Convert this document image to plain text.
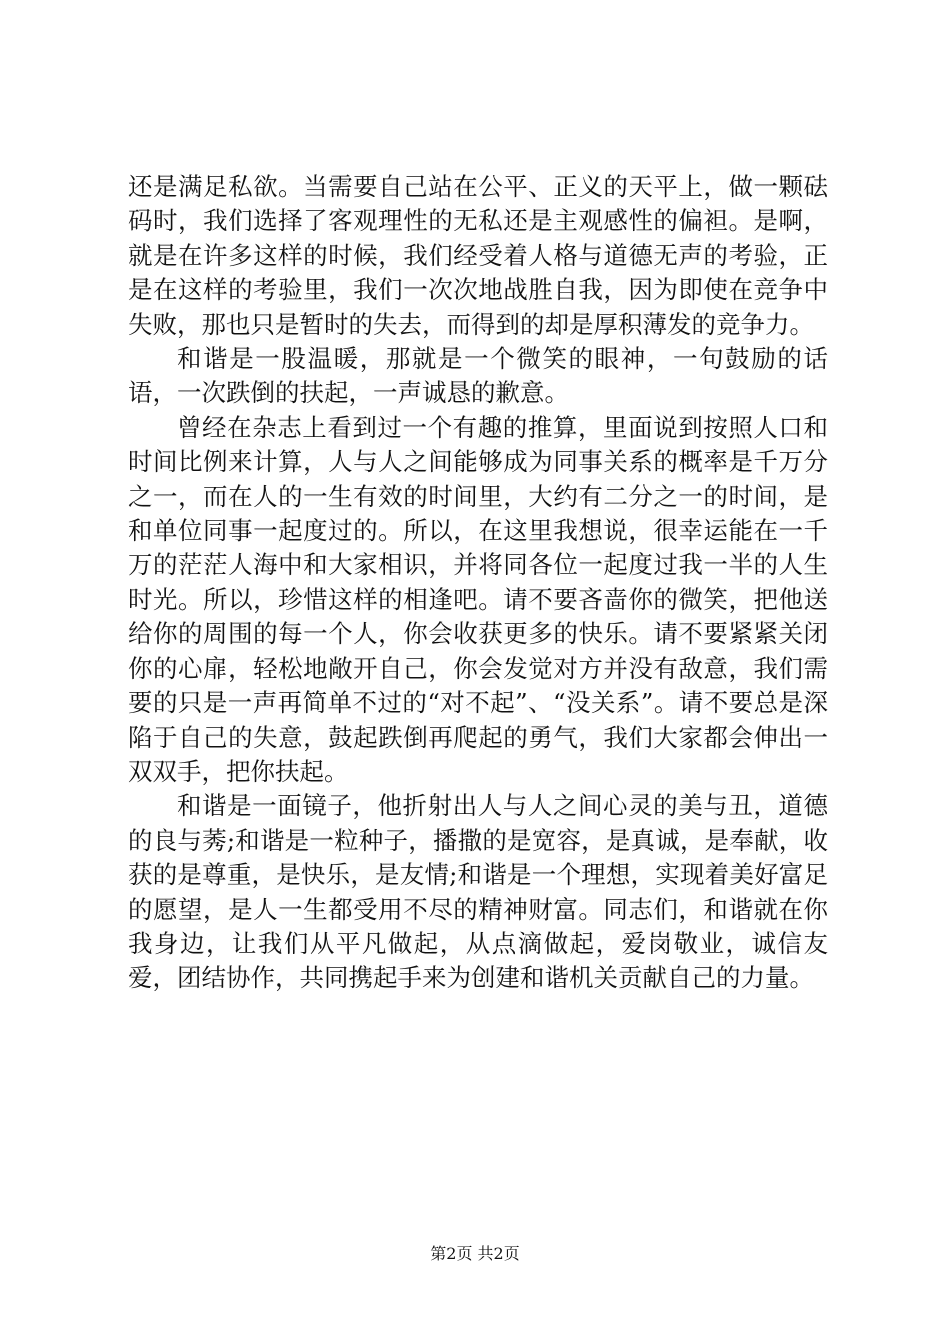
还是满足私欲。当需要自己站在公平、正义的天平上，做一颗砝码时，我们选择了客观理性的无私还是主观感性的偏袒。是啊，就是在许多这样的时候，我们经受着人格与道德无声的考验，正是在这样的考验里，我们一次次地战胜自我，因为即使在竞争中失败，那也只是暂时的失去，而得到的却是厚积薄发的竞争力。

和谐是一股温暖，那就是一个微笑的眼神，一句鼓励的话语，一次跌倒的扶起，一声诚恳的歉意。

曾经在杂志上看到过一个有趣的推算，里面说到按照人口和时间比例来计算，人与人之间能够成为同事关系的概率是千万分之一，而在人的一生有效的时间里，大约有二分之一的时间，是和单位同事一起度过的。所以，在这里我想说，很幸运能在一千万的茫茫人海中和大家相识，并将同各位一起度过我一半的人生时光。所以，珍惜这样的相逢吧。请不要吝啬你的微笑，把他送给你的周围的每一个人，你会收获更多的快乐。请不要紧紧关闭你的心扉，轻松地敞开自己，你会发觉对方并没有敌意，我们需要的只是一声再简单不过的“对不起”、“没关系”。请不要总是深陷于自己的失意，鼓起跌倒再爬起的勇气，我们大家都会伸出一双双手，把你扶起。

和谐是一面镜子，他折射出人与人之间心灵的美与丑，道德的良与莠;和谐是一粒种子，播撒的是宽容，是真诚，是奉献，收获的是尊重，是快乐，是友情;和谐是一个理想，实现着美好富足的愿望，是人一生都受用不尽的精神财富。同志们，和谐就在你我身边，让我们从平凡做起，从点滴做起，爱岗敬业，诚信友爱，团结协作，共同携起手来为创建和谐机关贡献自己的力量。

第2页 共2页
